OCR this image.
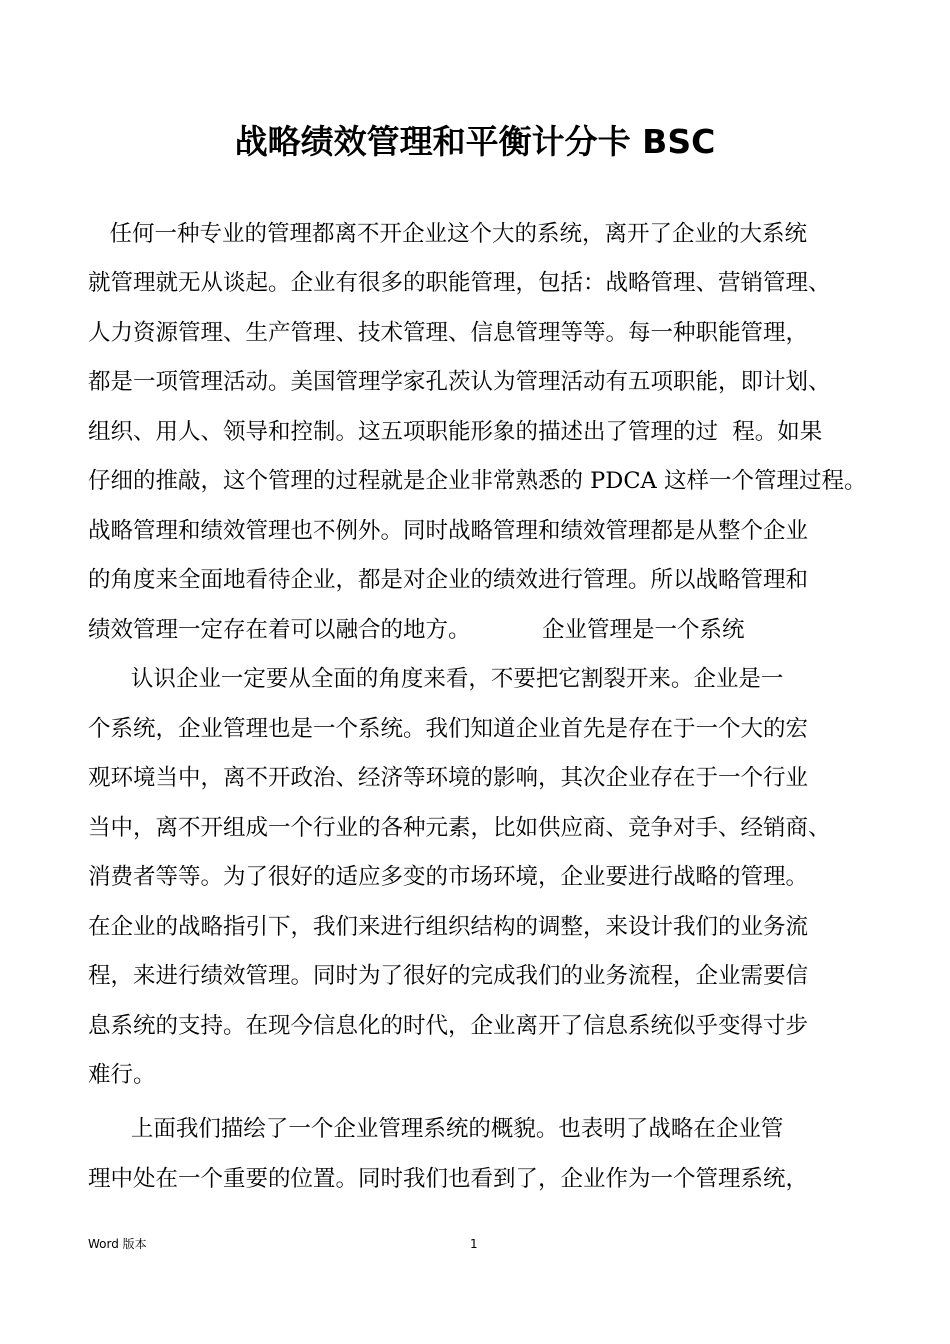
战略绩效管理和平衡计分卡 BSC

任何一种专业的管理都离不开企业这个大的系统，离开了企业的大系统

就管理就无从谈起。企业有很多的职能管理，包括：战略管理、营销管理、

人力资源管理、生产管理、技术管理、信息管理等等。每一种职能管理，

都是一项管理活动。美国管理学家孔茨认为管理活动有五项职能，即计划、

组织、用人、领导和控制。这五项职能形象的描述出了管理的过  程。如果

仔细的推敲，这个管理的过程就是企业非常熟悉的 PDCA 这样一个管理过程。

战略管理和绩效管理也不例外。同时战略管理和绩效管理都是从整个企业

的角度来全面地看待企业，都是对企业的绩效进行管理。所以战略管理和

绩效管理一定存在着可以融合的地方。          企业管理是一个系统

认识企业一定要从全面的角度来看，不要把它割裂开来。企业是一

个系统，企业管理也是一个系统。我们知道企业首先是存在于一个大的宏

观环境当中，离不开政治、经济等环境的影响，其次企业存在于一个行业

当中，离不开组成一个行业的各种元素，比如供应商、竞争对手、经销商、

消费者等等。为了很好的适应多变的市场环境，企业要进行战略的管理。

在企业的战略指引下，我们来进行组织结构的调整，来设计我们的业务流

程，来进行绩效管理。同时为了很好的完成我们的业务流程，企业需要信

息系统的支持。在现今信息化的时代，企业离开了信息系统似乎变得寸步

难行。

上面我们描绘了一个企业管理系统的概貌。也表明了战略在企业管

理中处在一个重要的位置。同时我们也看到了，企业作为一个管理系统，

Word 版本	1
